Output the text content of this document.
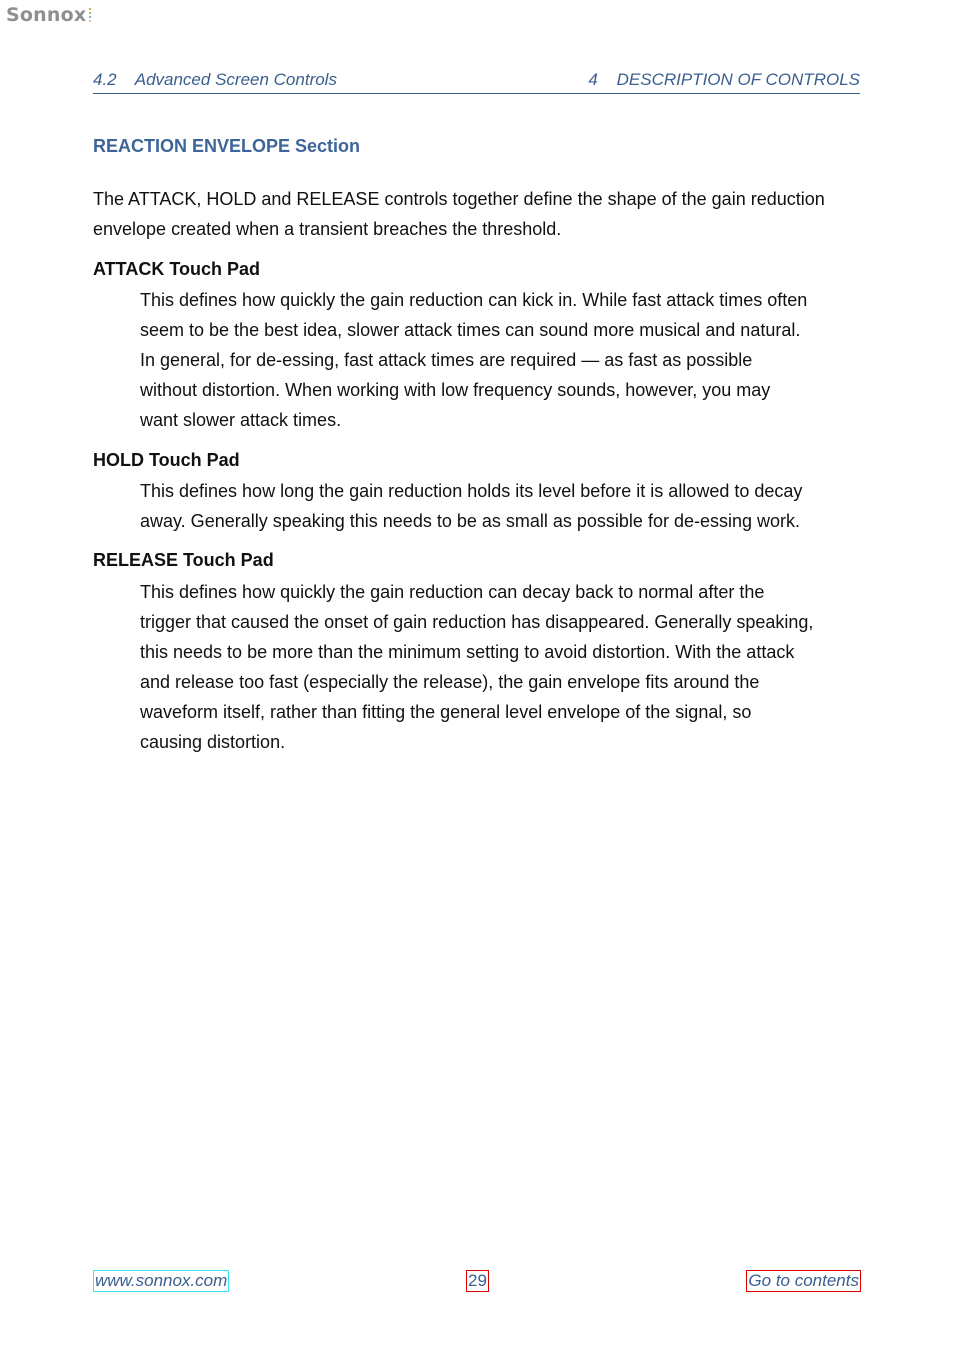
Sonnox
4.2 Advanced Screen Controls	4 DESCRIPTION OF CONTROLS
REACTION ENVELOPE Section
The ATTACK, HOLD and RELEASE controls together define the shape of the gain reduction envelope created when a transient breaches the threshold.
ATTACK Touch Pad
This defines how quickly the gain reduction can kick in. While fast attack times often
seem to be the best idea, slower attack times can sound more musical and natural.
In general, for de-essing, fast attack times are required — as fast as possible
without distortion. When working with low frequency sounds, however, you may
want slower attack times.
HOLD Touch Pad
This defines how long the gain reduction holds its level before it is allowed to decay
away. Generally speaking this needs to be as small as possible for de-essing work.
RELEASE Touch Pad
This defines how quickly the gain reduction can decay back to normal after the
trigger that caused the onset of gain reduction has disappeared. Generally speaking,
this needs to be more than the minimum setting to avoid distortion. With the attack
and release too fast (especially the release), the gain envelope fits around the
waveform itself, rather than fitting the general level envelope of the signal, so
causing distortion.
www.sonnox.com	29	Go to contents
